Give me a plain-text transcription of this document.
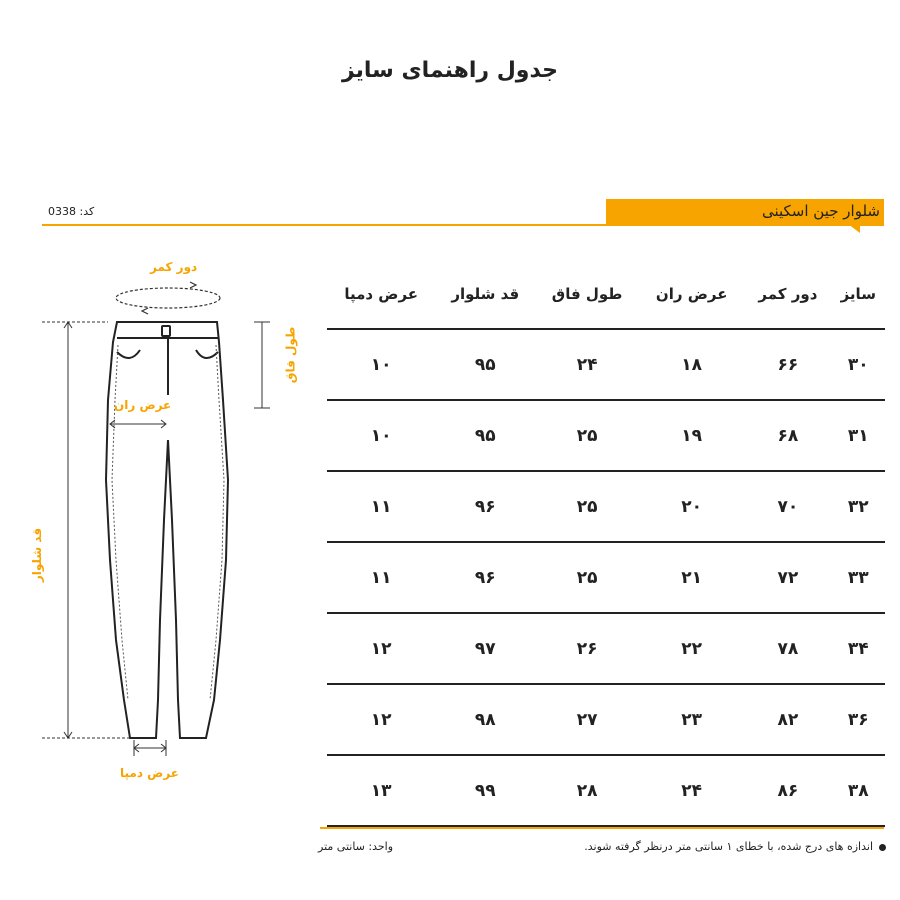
جدول راهنمای سایز
کد: 0338	شلوار جین اسکینی
دور کمر
طول فاق
عرض ران
قد شلوار
عرض دمپا
سایز	دور کمر	عرض ران	طول فاق	قد شلوار	عرض دمپا
۳۰	۶۶	۱۸	۲۴	۹۵	۱۰
۳۱	۶۸	۱۹	۲۵	۹۵	۱۰
۳۲	۷۰	۲۰	۲۵	۹۶	۱۱
۳۳	۷۲	۲۱	۲۵	۹۶	۱۱
۳۴	۷۸	۲۲	۲۶	۹۷	۱۲
۳۶	۸۲	۲۳	۲۷	۹۸	۱۲
۳۸	۸۶	۲۴	۲۸	۹۹	۱۳
اندازه های درج شده، با خطای ۱ سانتی متر درنظر گرفته شوند.
واحد: سانتی متر
